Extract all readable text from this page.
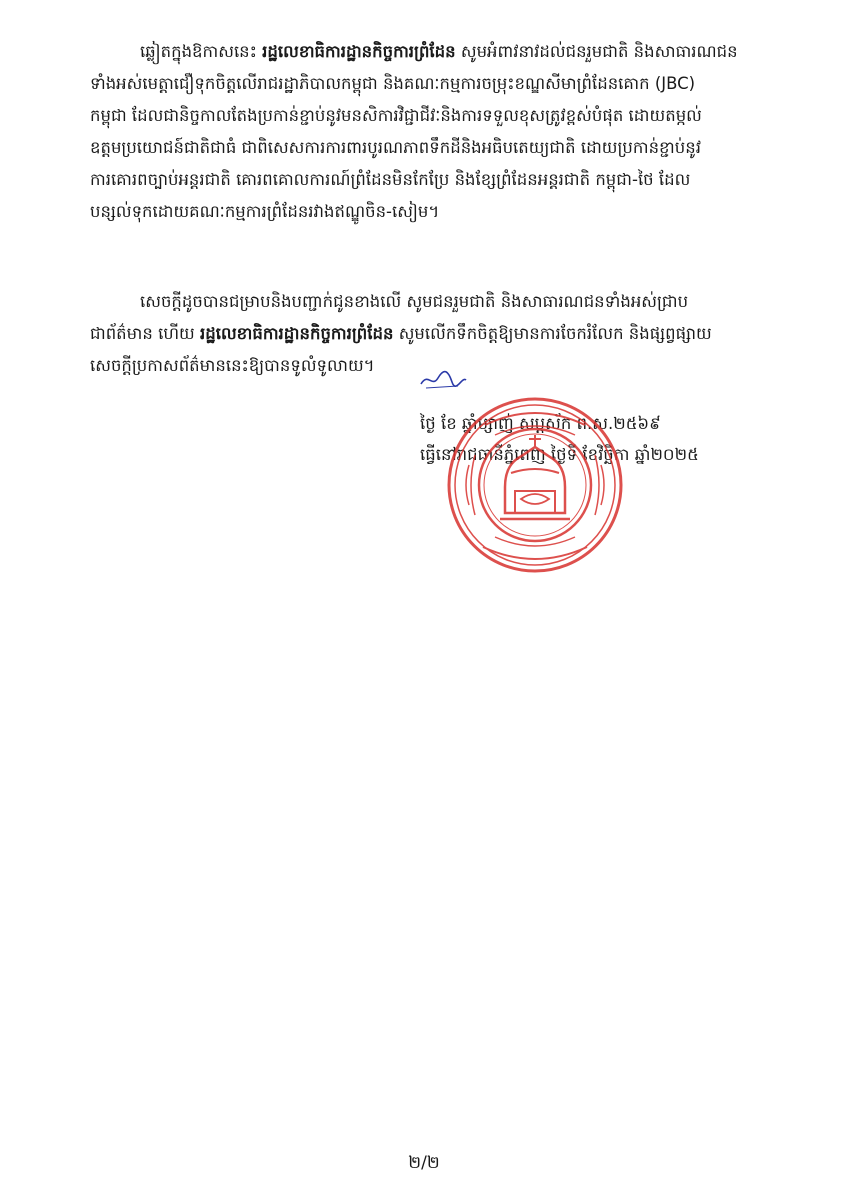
ឆ្លៀតក្នុងឱកាសនេះ រដ្ឋលេខាធិការដ្ឋានកិច្ចការព្រំដែន សូមអំពាវនាវដល់ជនរួមជាតិ និងសាធារណជន
ទាំងអស់មេត្តាជឿទុកចិត្តលើរាជរដ្ឋាភិបាលកម្ពុជា និងគណៈកម្មការចម្រុះខណ្ឌសីមាព្រំដែនគោក (JBC)
កម្ពុជា ដែលជានិច្ចកាលតែងប្រកាន់ខ្ជាប់នូវមនសិការវិជ្ជាជីវៈនិងការទទួលខុសត្រូវខ្ពស់បំផុត ដោយតម្កល់
ឧត្តមប្រយោជន៍ជាតិជាធំ ជាពិសេសការការពារបូរណភាពទឹកដីនិងអធិបតេយ្យជាតិ ដោយប្រកាន់ខ្ជាប់នូវ
ការគោរពច្បាប់អន្តរជាតិ គោរពគោលការណ៍ព្រំដែនមិនកែប្រែ និងខ្សែព្រំដែនអន្តរជាតិ កម្ពុជា-ថៃ ដែល
បន្សល់ទុកដោយគណៈកម្មការព្រំដែនរវាងឥណ្ឌូចិន-សៀម។
សេចក្តីដូចបានជម្រាបនិងបញ្ជាក់ជូនខាងលើ សូមជនរួមជាតិ និងសាធារណជនទាំងអស់ជ្រាប
ជាព័ត៌មាន ហើយ រដ្ឋលេខាធិការដ្ឋានកិច្ចការព្រំដែន សូមលើកទឹកចិត្តឱ្យមានការចែករំលែក និងផ្សព្វផ្សាយ
សេចក្តីប្រកាសព័ត៌មាននេះឱ្យបានទូលំទូលាយ។
ថ្ងៃ ខែ ឆ្នាំម្សាញ់ សប្តស័ក ព.ស.២៥៦៩
ធ្វើនៅរាជធានីភ្នំពេញ ថ្ងៃទី ខែវិច្ឆិកា ឆ្នាំ២០២៥
២/២
